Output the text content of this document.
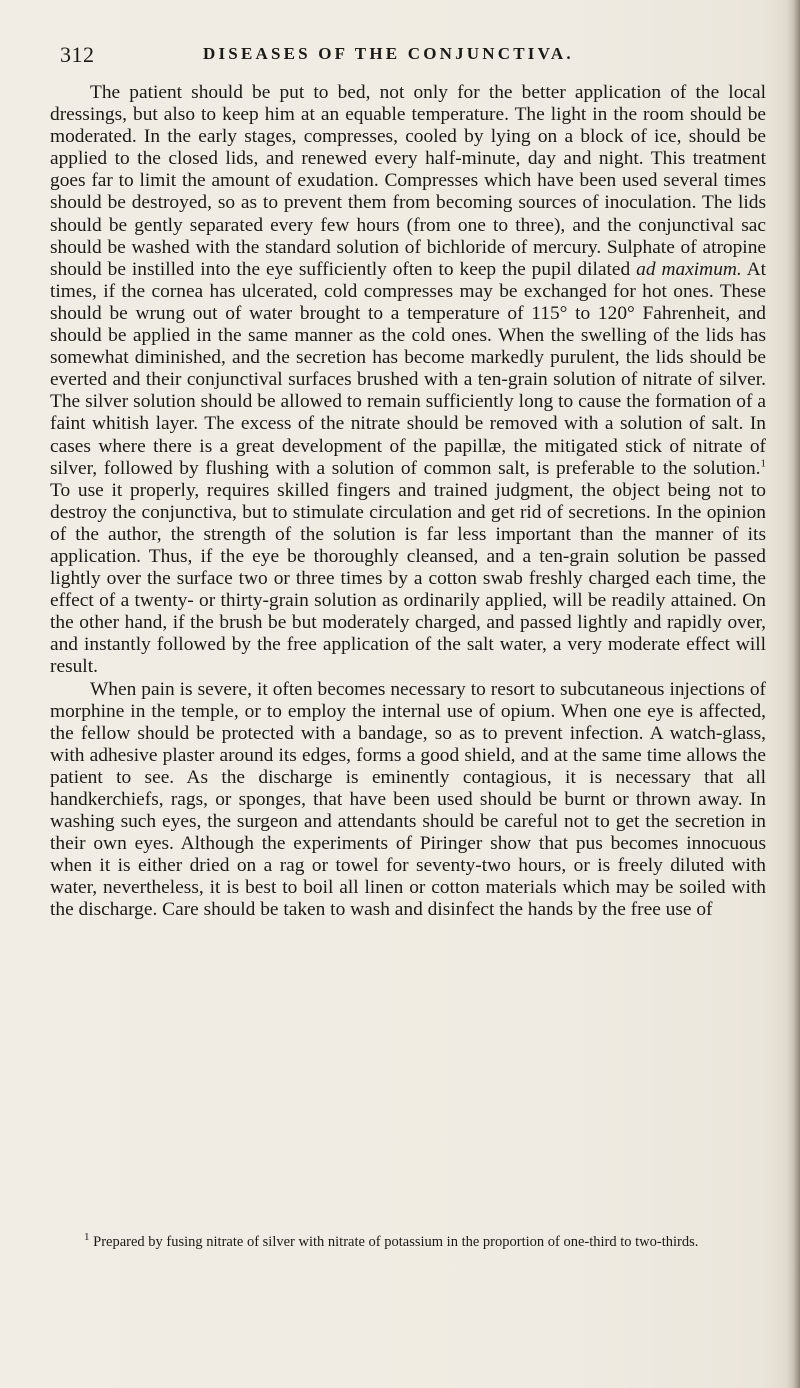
312	DISEASES OF THE CONJUNCTIVA.

The patient should be put to bed, not only for the better application of the local dressings, but also to keep him at an equable temperature. The light in the room should be moderated. In the early stages, compresses, cooled by lying on a block of ice, should be applied to the closed lids, and renewed every half-minute, day and night. This treatment goes far to limit the amount of exudation. Compresses which have been used several times should be destroyed, so as to prevent them from becoming sources of inoculation. The lids should be gently separated every few hours (from one to three), and the conjunctival sac should be washed with the standard solution of bichloride of mercury. Sulphate of atropine should be instilled into the eye sufficiently often to keep the pupil dilated ad maximum. At times, if the cornea has ulcerated, cold compresses may be exchanged for hot ones. These should be wrung out of water brought to a temperature of 115° to 120° Fahrenheit, and should be applied in the same manner as the cold ones. When the swelling of the lids has somewhat diminished, and the secretion has become markedly purulent, the lids should be everted and their conjunctival surfaces brushed with a ten-grain solution of nitrate of silver. The silver solution should be allowed to remain sufficiently long to cause the formation of a faint whitish layer. The excess of the nitrate should be removed with a solution of salt. In cases where there is a great development of the papillæ, the mitigated stick of nitrate of silver, followed by flushing with a solution of common salt, is preferable to the solution.$^1$ To use it properly, requires skilled fingers and trained judgment, the object being not to destroy the conjunctiva, but to stimulate circulation and get rid of secretions. In the opinion of the author, the strength of the solution is far less important than the manner of its application. Thus, if the eye be thoroughly cleansed, and a ten-grain solution be passed lightly over the surface two or three times by a cotton swab freshly charged each time, the effect of a twenty- or thirty-grain solution as ordinarily applied, will be readily attained. On the other hand, if the brush be but moderately charged, and passed lightly and rapidly over, and instantly followed by the free application of the salt water, a very moderate effect will result.

When pain is severe, it often becomes necessary to resort to subcutaneous injections of morphine in the temple, or to employ the internal use of opium. When one eye is affected, the fellow should be protected with a bandage, so as to prevent infection. A watch-glass, with adhesive plaster around its edges, forms a good shield, and at the same time allows the patient to see. As the discharge is eminently contagious, it is necessary that all handkerchiefs, rags, or sponges, that have been used should be burnt or thrown away. In washing such eyes, the surgeon and attendants should be careful not to get the secretion in their own eyes. Although the experiments of Piringer show that pus becomes innocuous when it is either dried on a rag or towel for seventy-two hours, or is freely diluted with water, nevertheless, it is best to boil all linen or cotton materials which may be soiled with the discharge. Care should be taken to wash and disinfect the hands by the free use of

$^1$ Prepared by fusing nitrate of silver with nitrate of potassium in the proportion of one-third to two-thirds.
